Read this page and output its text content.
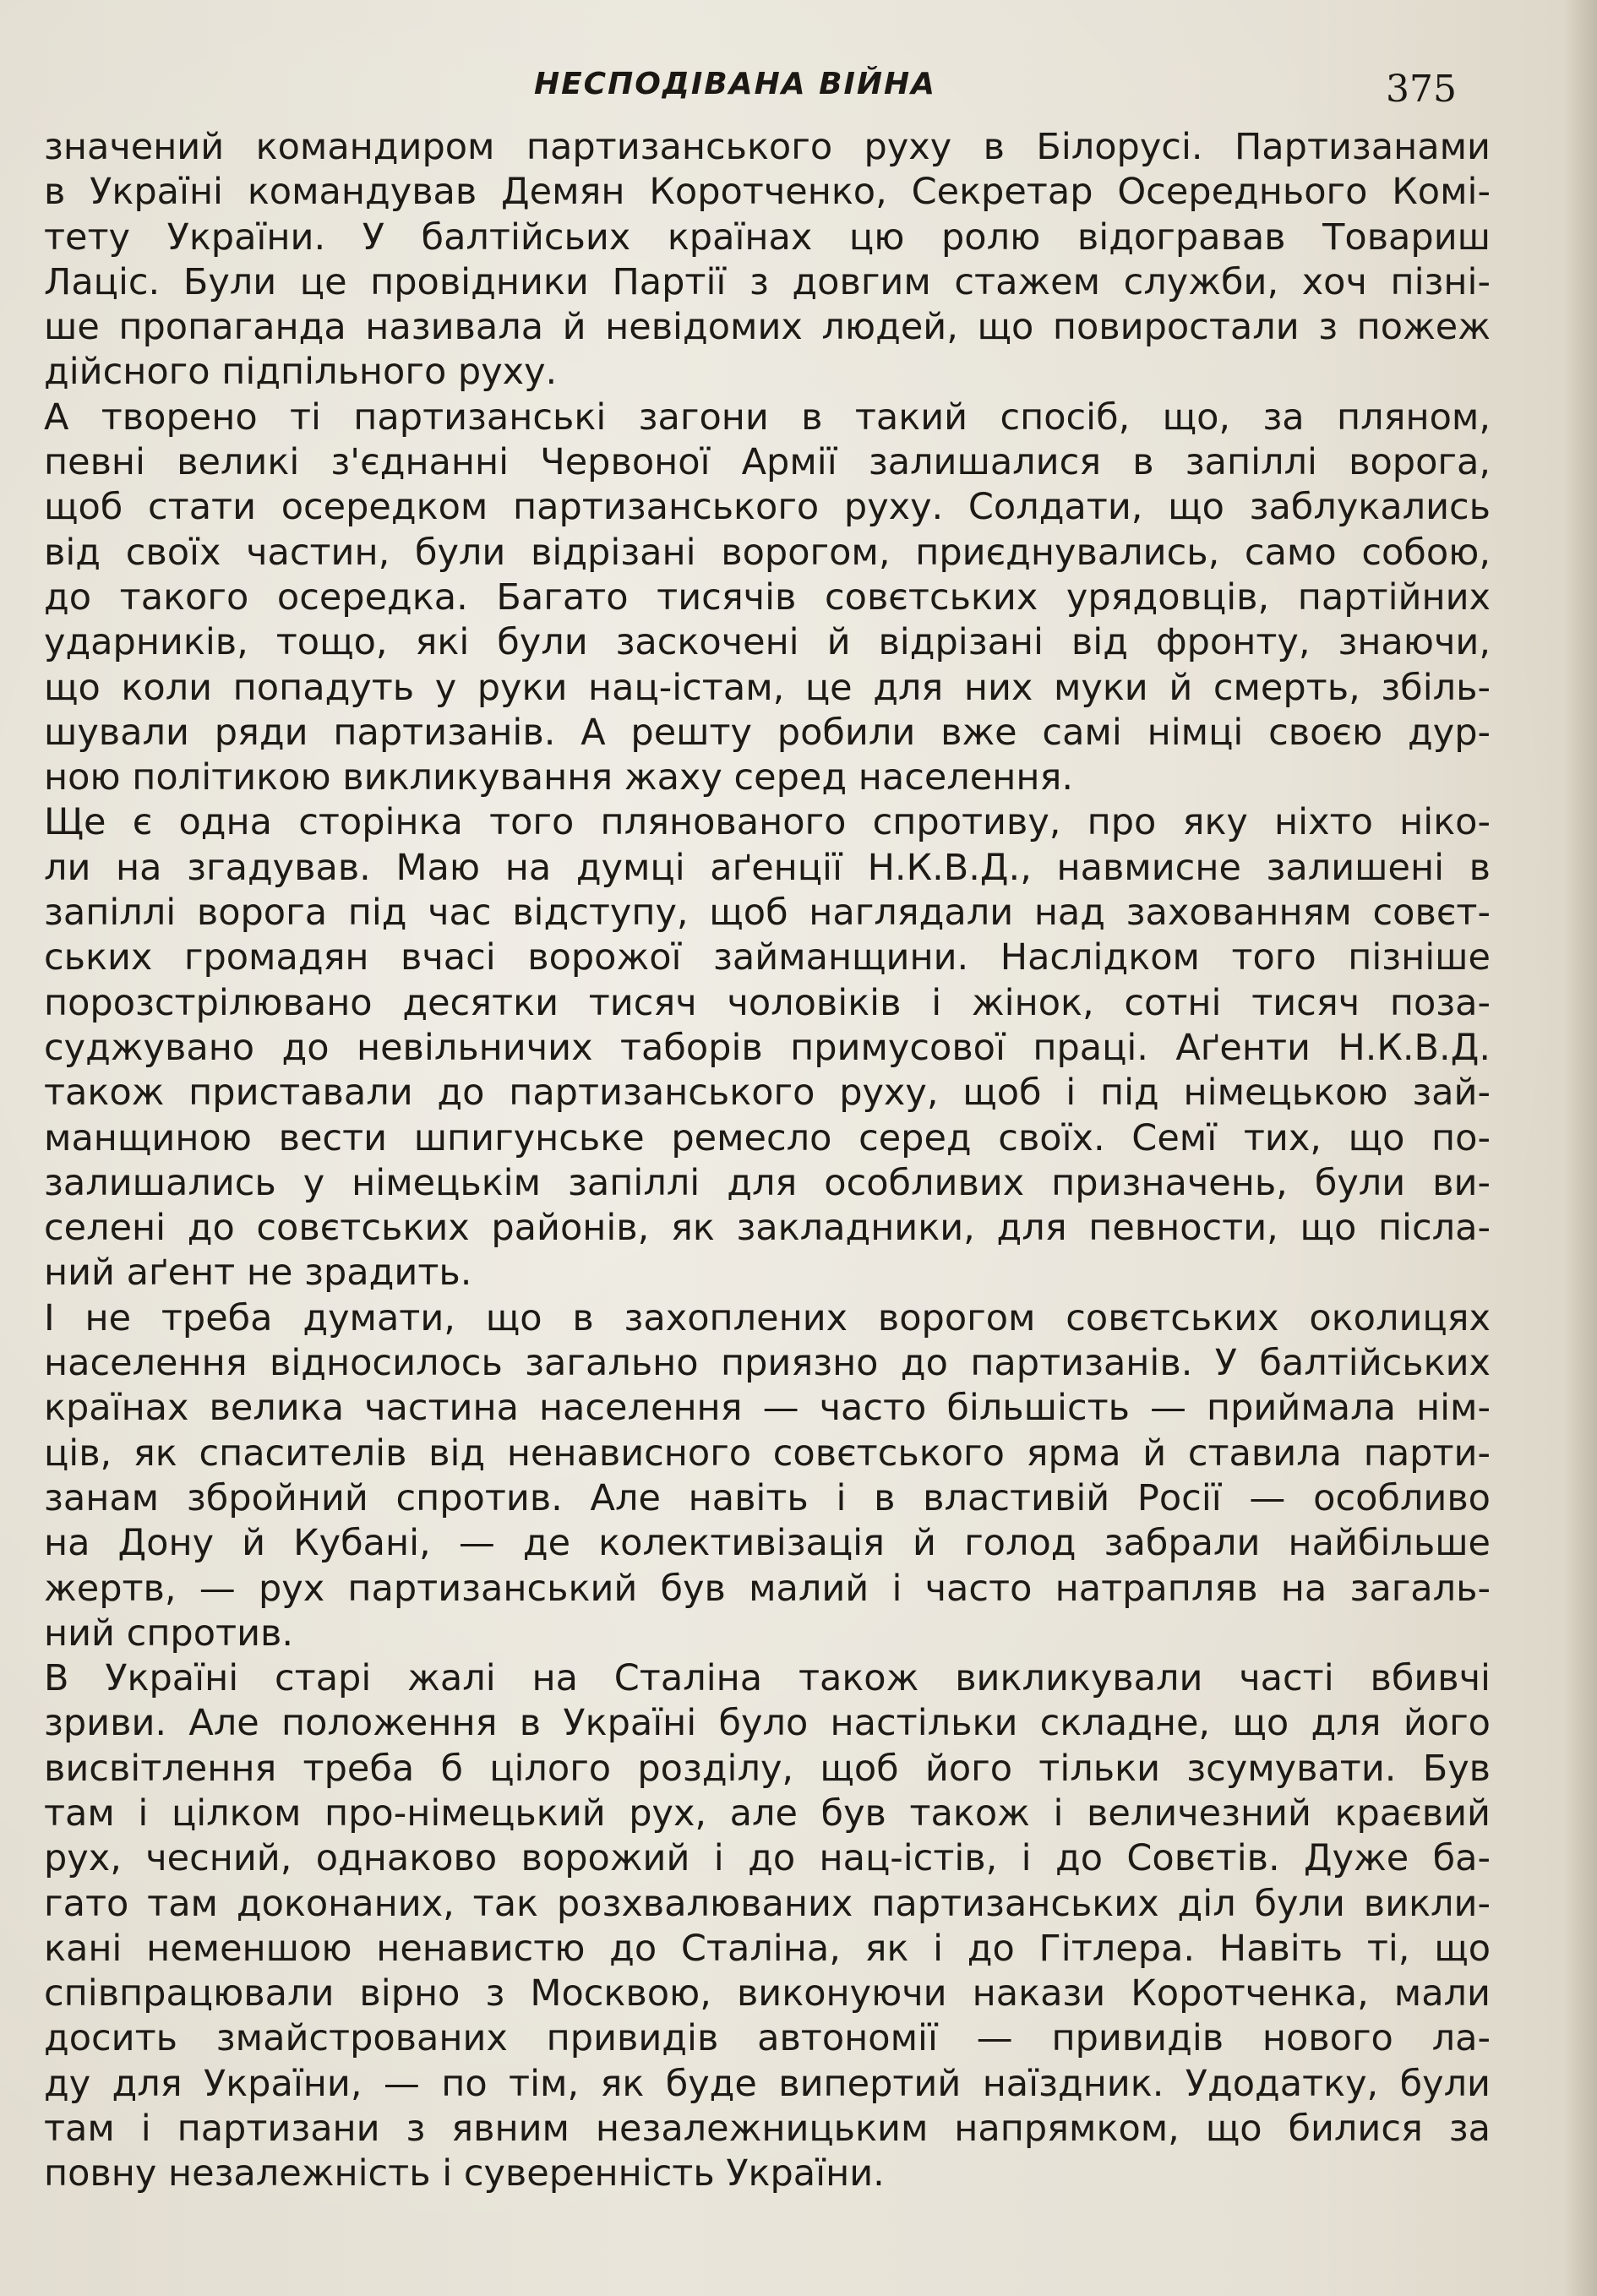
НЕСПОДІВАНА ВІЙНА	375
значений командиром партизанського руху в Білорусі. Партизанами
в Україні командував Демян Коротченко, Секретар Осереднього Комі-
тету України. У балтійсьих країнах цю ролю відогравав Товариш
Лаціс. Були це провідники Партії з довгим стажем служби, хоч пізні-
ше пропаганда називала й невідомих людей, що повиростали з пожеж
дійсного підпільного руху.
А творено ті партизанські загони в такий спосіб, що, за пляном,
певні великі з'єднанні Червоної Армії залишалися в запіллі ворога,
щоб стати осередком партизанського руху. Солдати, що заблукались
від своїх частин, були відрізані ворогом, приєднувались, само собою,
до такого осередка. Багато тисячів совєтських урядовців, партійних
ударників, тощо, які були заскочені й відрізані від фронту, знаючи,
що коли попадуть у руки нац-істам, це для них муки й смерть, збіль-
шували ряди партизанів. А решту робили вже самі німці своєю дур-
ною політикою викликування жаху серед населення.
Ще є одна сторінка того плянованого спротиву, про яку ніхто ніко-
ли на згадував. Маю на думці аґенції Н.К.В.Д., навмисне залишені в
запіллі ворога під час відступу, щоб наглядали над захованням совєт-
ських громадян вчасі ворожої займанщини. Наслідком того пізніше
порозстрілювано десятки тисяч чоловіків і жінок, сотні тисяч поза-
суджувано до невільничих таборів примусової праці. Аґенти Н.К.В.Д.
також приставали до партизанського руху, щоб і під німецькою зай-
манщиною вести шпигунське ремесло серед своїх. Семї тих, що по-
залишались у німецькім запіллі для особливих призначень, були ви-
селені до совєтських районів, як закладники, для певности, що післа-
ний аґент не зрадить.
І не треба думати, що в захоплених ворогом совєтських околицях
населення відносилось загально приязно до партизанів. У балтійських
країнах велика частина населення — часто більшість — приймала нім-
ців, як спасителів від ненависного совєтського ярма й ставила парти-
занам збройний спротив. Але навіть і в властивій Росії — особливо
на Дону й Кубані, — де колективізація й голод забрали найбільше
жертв, — рух партизанський був малий і часто натрапляв на загаль-
ний спротив.
В Україні старі жалі на Сталіна також викликували часті вбивчі
зриви. Але положення в Україні було настільки складне, що для його
висвітлення треба б цілого розділу, щоб його тільки зсумувати. Був
там і цілком про-німецький рух, але був також і величезний краєвий
рух, чесний, однаково ворожий і до нац-істів, і до Совєтів. Дуже ба-
гато там доконаних, так розхвалюваних партизанських діл були викли-
кані неменшою ненавистю до Сталіна, як і до Гітлера. Навіть ті, що
співпрацювали вірно з Москвою, виконуючи накази Коротченка, мали
досить змайстрованих привидів автономії — привидів нового ла-
ду для України, — по тім, як буде випертий наїздник. Удодатку, були
там і партизани з явним незалежницьким напрямком, що билися за
повну незалежність і суверенність України.
